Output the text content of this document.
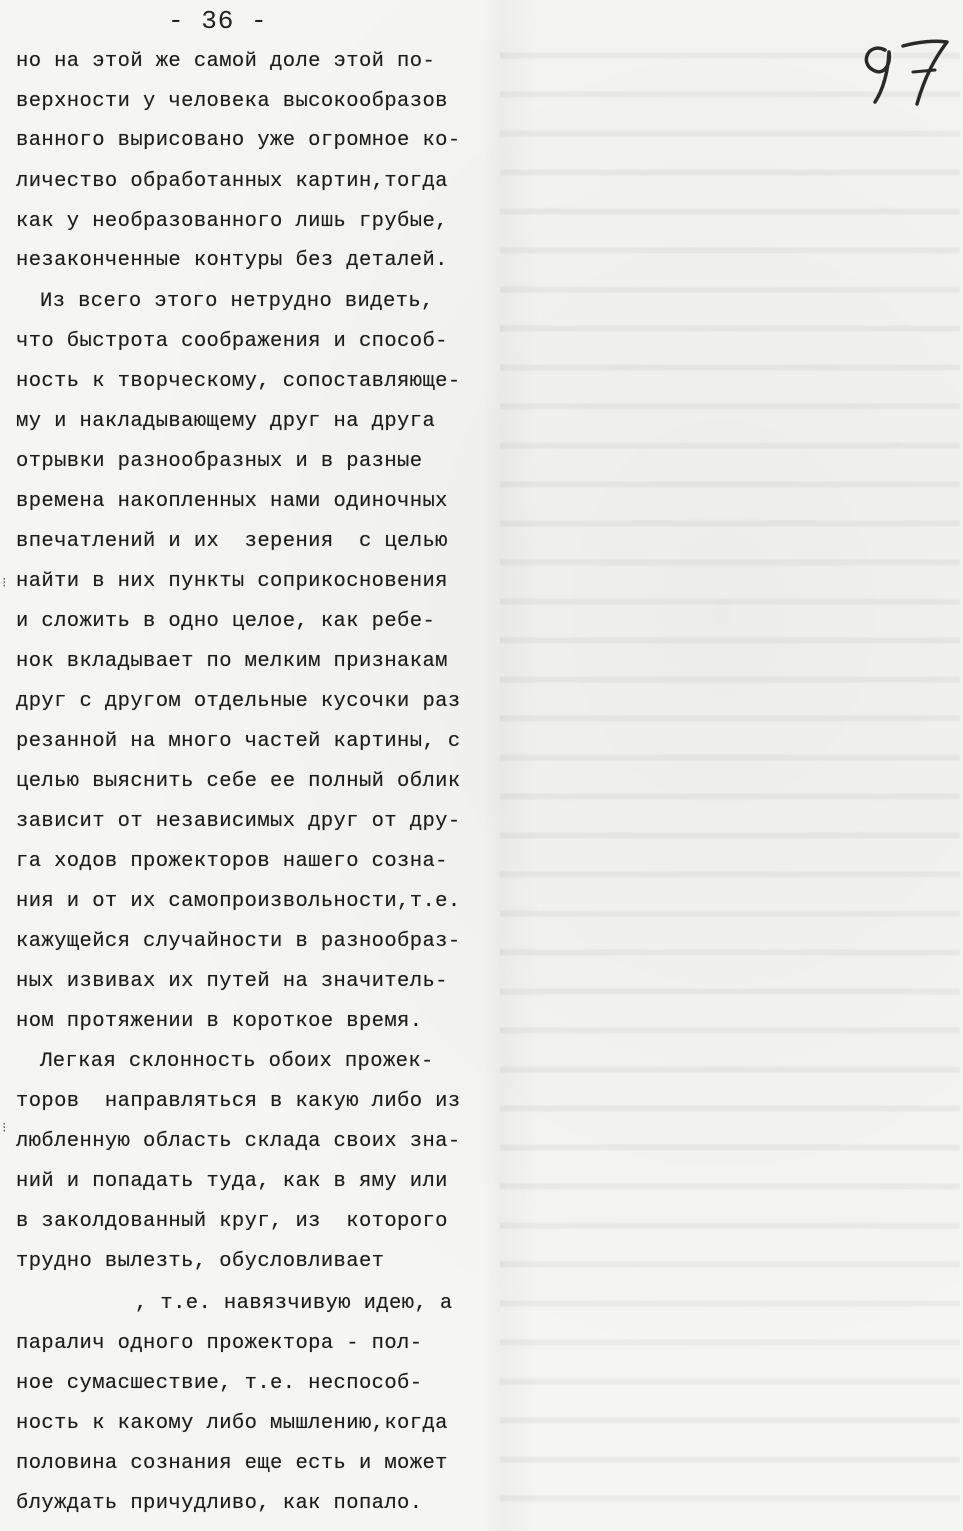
- 36 -
но на этой же самой доле этой по-
верхности у человека высокообразов
ванного вырисовано уже огромное ко-
личество обработанных картин,тогда
как у необразованного лишь грубые,
незаконченные контуры без деталей.
Из всего этого нетрудно видеть,
что быстрота соображения и способ-
ность к творческому, сопоставляюще-
му и накладывающему друг на друга
отрывки разнообразных и в разные
времена накопленных нами одиночных
впечатлений и их  зерения  с целью
найти в них пункты соприкосновения
и сложить в одно целое, как ребе-
нок вкладывает по мелким признакам
друг с другом отдельные кусочки раз
резанной на много частей картины, с
целью выяснить себе ее полный облик
зависит от независимых друг от дру-
га ходов прожекторов нашего созна-
ния и от их самопроизвольности,т.е.
кажущейся случайности в разнообраз-
ных извивах их путей на значитель-
ном протяжении в короткое время.
Легкая склонность обоих прожек-
торов  направляться в какую либо из
любленную область склада своих зна-
ний и попадать туда, как в яму или
в заколдованный круг, из  которого
трудно вылезть, обусловливает
, т.е. навязчивую идею, а
паралич одного прожектора - пол-
ное сумасшествие, т.е. неспособ-
ность к какому либо мышлению,когда
половина сознания еще есть и может
блуждать причудливо, как попало.
⁝
⁝
